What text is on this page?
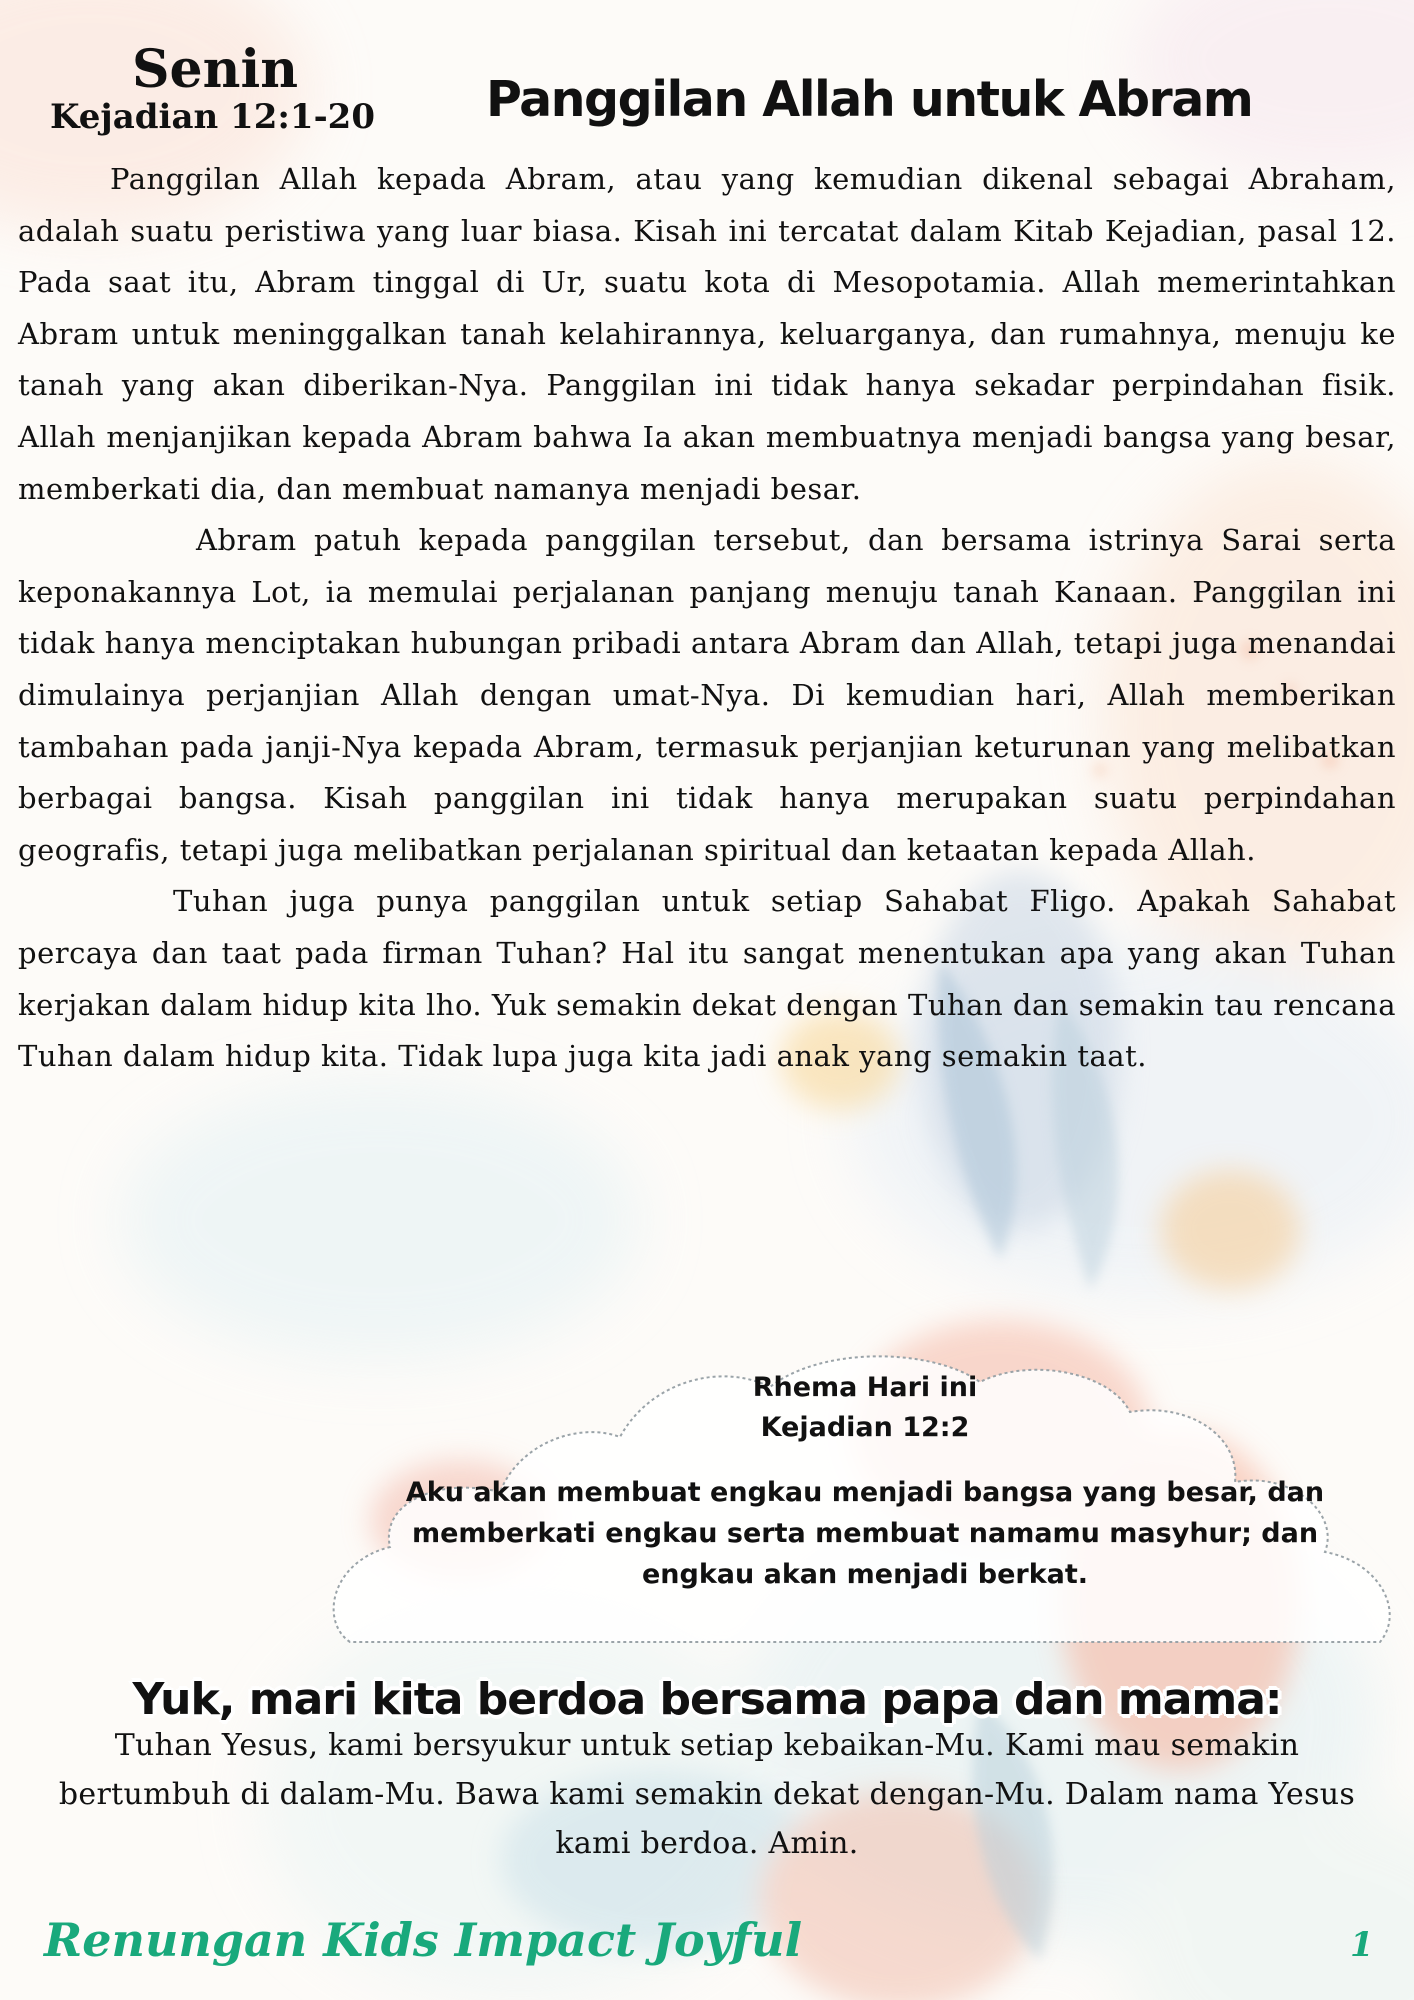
Senin
Kejadian 12:1-20 Panggilan Allah untuk Abram

Panggilan Allah kepada Abram, atau yang kemudian dikenal sebagai Abraham, adalah suatu peristiwa yang luar biasa. Kisah ini tercatat dalam Kitab Kejadian, pasal 12. Pada saat itu, Abram tinggal di Ur, suatu kota di Mesopotamia. Allah memerintahkan Abram untuk meninggalkan tanah kelahirannya, keluarganya, dan rumahnya, menuju ke tanah yang akan diberikan-Nya. Panggilan ini tidak hanya sekadar perpindahan fisik. Allah menjanjikan kepada Abram bahwa Ia akan membuatnya menjadi bangsa yang besar, memberkati dia, dan membuat namanya menjadi besar.

Abram patuh kepada panggilan tersebut, dan bersama istrinya Sarai serta keponakannya Lot, ia memulai perjalanan panjang menuju tanah Kanaan. Panggilan ini tidak hanya menciptakan hubungan pribadi antara Abram dan Allah, tetapi juga menandai dimulainya perjanjian Allah dengan umat-Nya. Di kemudian hari, Allah memberikan tambahan pada janji-Nya kepada Abram, termasuk perjanjian keturunan yang melibatkan berbagai bangsa. Kisah panggilan ini tidak hanya merupakan suatu perpindahan geografis, tetapi juga melibatkan perjalanan spiritual dan ketaatan kepada Allah.

Tuhan juga punya panggilan untuk setiap Sahabat Fligo. Apakah Sahabat percaya dan taat pada firman Tuhan? Hal itu sangat menentukan apa yang akan Tuhan kerjakan dalam hidup kita lho. Yuk semakin dekat dengan Tuhan dan semakin tau rencana Tuhan dalam hidup kita. Tidak lupa juga kita jadi anak yang semakin taat.

Rhema Hari ini

Kejadian 12:2

Aku akan membuat engkau menjadi bangsa yang besar, dan memberkati engkau serta membuat namamu masyhur; dan engkau akan menjadi berkat.

Yuk, mari kita berdoa bersama papa dan mama:

Tuhan Yesus, kami bersyukur untuk setiap kebaikan-Mu. Kami mau semakin bertumbuh di dalam-Mu. Bawa kami semakin dekat dengan-Mu. Dalam nama Yesus kami berdoa. Amin.

Renungan Kids Impact Joyful	1
